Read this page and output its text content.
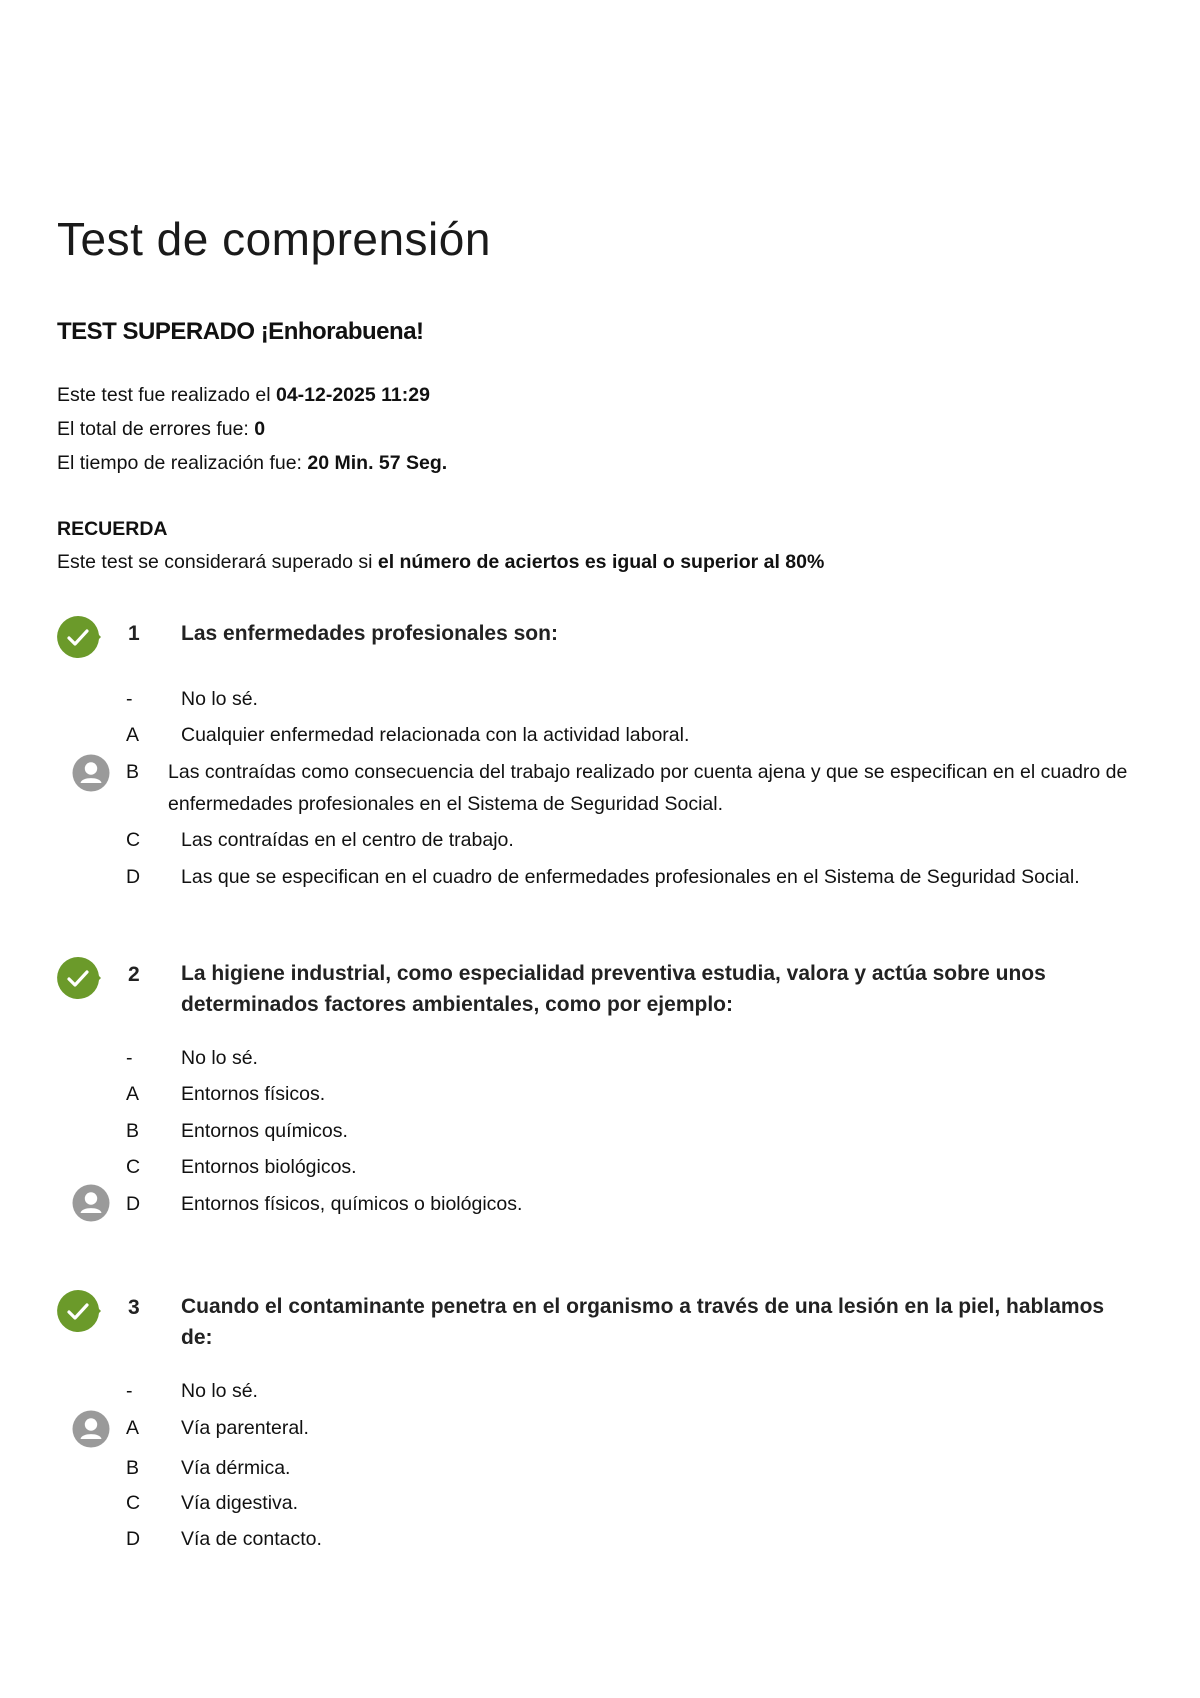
Test de comprensión
TEST SUPERADO ¡Enhorabuena!
Este test fue realizado el 04-12-2025 11:29
El total de errores fue: 0
El tiempo de realización fue: 20 Min. 57 Seg.
RECUERDA
Este test se considerará superado si el número de aciertos es igual o superior al 80%
1 Las enfermedades profesionales son:

-	No lo sé.
A	Cualquier enfermedad relacionada con la actividad laboral.
B	Las contraídas como consecuencia del trabajo realizado por cuenta ajena y que se especifican en el cuadro de enfermedades profesionales en el Sistema de Seguridad Social.
C	Las contraídas en el centro de trabajo.
D	Las que se especifican en el cuadro de enfermedades profesionales en el Sistema de Seguridad Social.
2 La higiene industrial, como especialidad preventiva estudia, valora y actúa sobre unos determinados factores ambientales, como por ejemplo:

-	No lo sé.
A	Entornos físicos.
B	Entornos químicos.
C	Entornos biológicos.
D	Entornos físicos, químicos o biológicos.
3 Cuando el contaminante penetra en el organismo a través de una lesión en la piel, hablamos de:

-	No lo sé.
A	Vía parenteral.
B	Vía dérmica.
C	Vía digestiva.
D	Vía de contacto.
